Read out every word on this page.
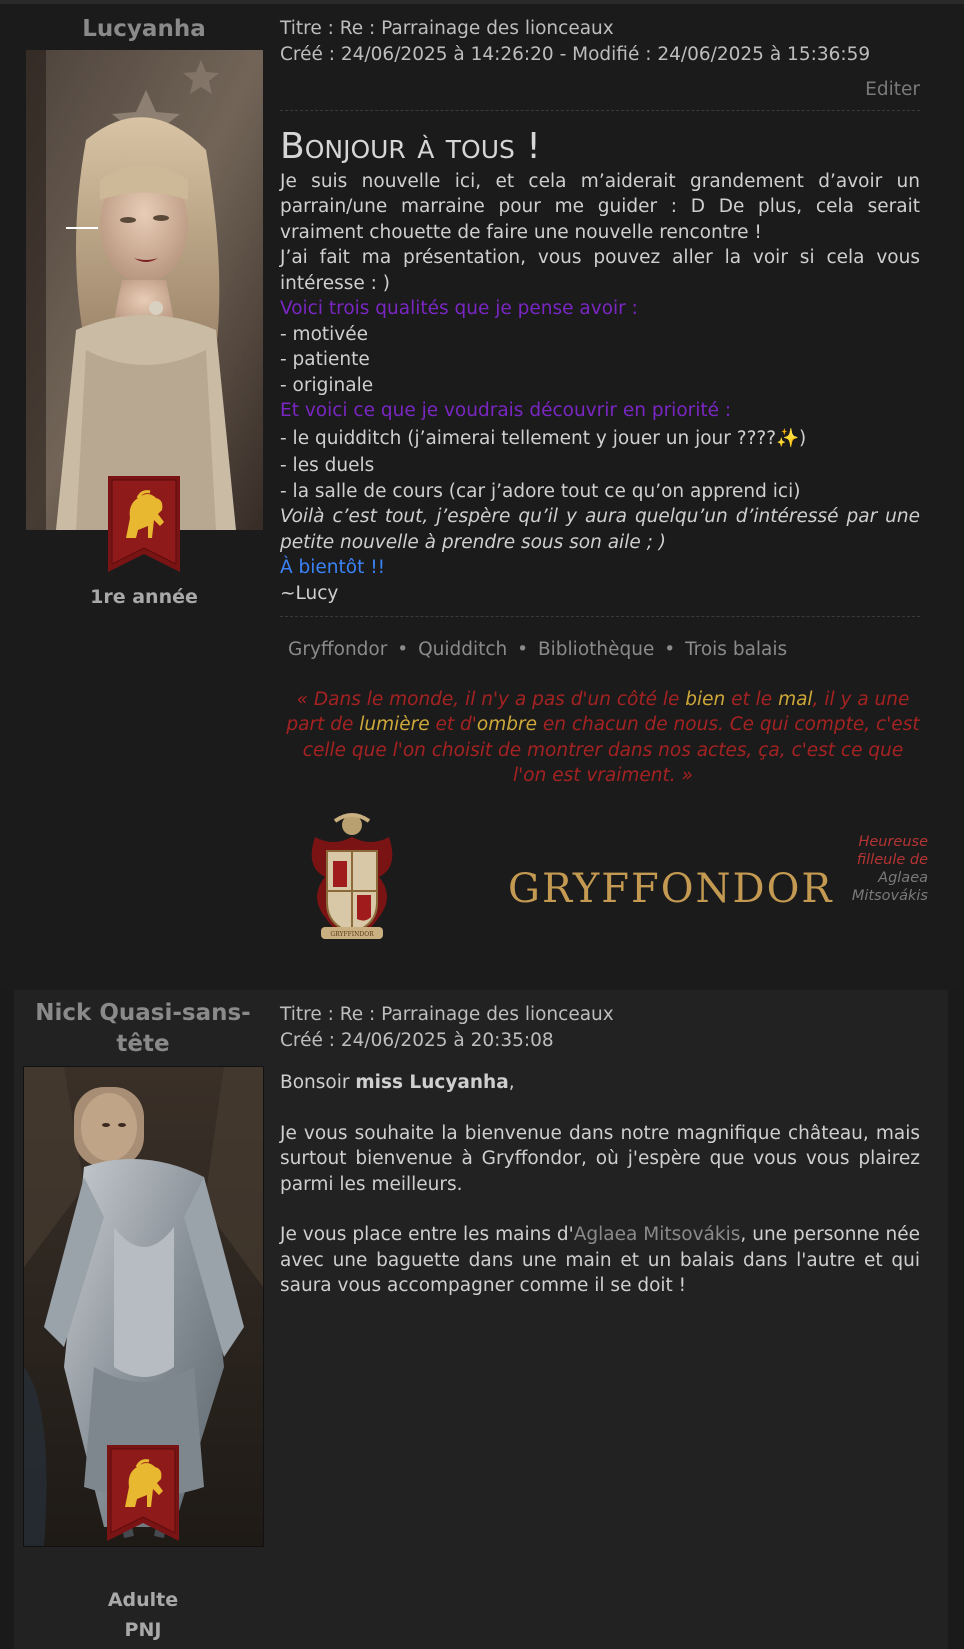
Lucyanha
1re année
Titre : Re : Parrainage des lionceaux
Créé : 24/06/2025 à 14:26:20 - Modifié : 24/06/2025 à 15:36:59
Editer
Bonjour à tous !

Je suis nouvelle ici, et cela m’aiderait grandement d’avoir un parrain/une marraine pour me guider : D De plus, cela serait vraiment chouette de faire une nouvelle rencontre !

J’ai fait ma présentation, vous pouvez aller la voir si cela vous intéresse : )

Voici trois qualités que je pense avoir :

- motivée

- patiente

- originale

Et voici ce que je voudrais découvrir en priorité :

- le quidditch (j’aimerai tellement y jouer un jour ????✨)

- les duels

- la salle de cours (car j’adore tout ce qu’on apprend ici)

Voilà c’est tout, j’espère qu’il y aura quelqu’un d’intéressé par une petite nouvelle à prendre sous son aile ; )

À bientôt !!

~Lucy

Gryffondor • Quidditch • Bibliothèque • Trois balais
« Dans le monde, il n'y a pas d'un côté le bien et le mal, il y a une part de lumière et d'ombre en chacun de nous. Ce qui compte, c'est celle que l'on choisit de montrer dans nos actes, ça, c'est ce que l'on est vraiment. »
GRYFFINDOR
GRYFFONDOR
Heureuse
filleule de
Aglaea
Mitsovákis
Nick Quasi-sans-tête
Adulte
PNJ
Titre : Re : Parrainage des lionceaux
Créé : 24/06/2025 à 20:35:08

Bonsoir miss Lucyanha,

Je vous souhaite la bienvenue dans notre magnifique château, mais surtout bienvenue à Gryffondor, où j'espère que vous vous plairez parmi les meilleurs.

Je vous place entre les mains d'Aglaea Mitsovákis, une personne née avec une baguette dans une main et un balais dans l'autre et qui saura vous accompagner comme il se doit !
